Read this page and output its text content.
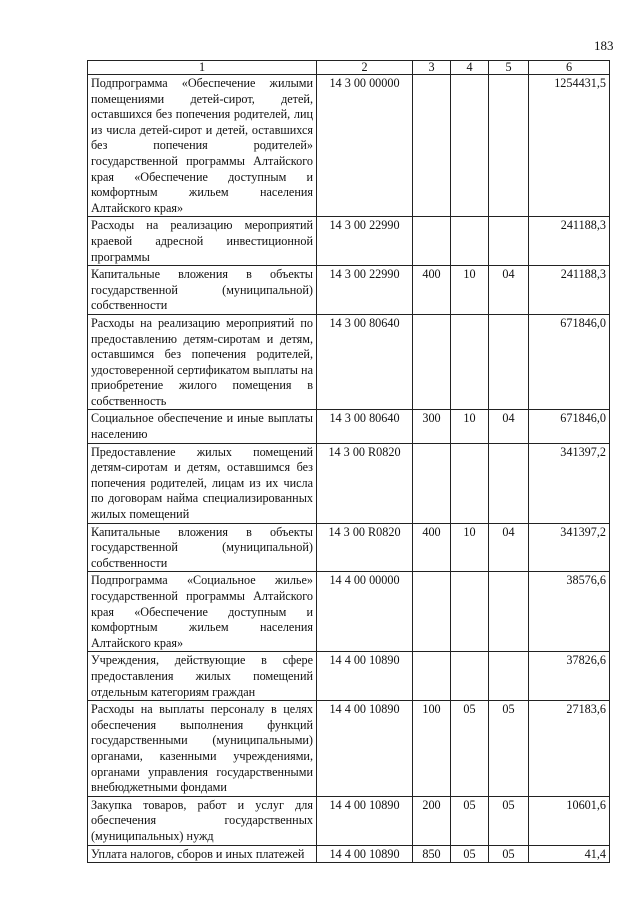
183
1	2	3	4	5	6
Подпрограмма «Обеспечение жилыми помещениями детей-сирот, детей, оставшихся без попечения родителей, лиц из числа детей-сирот и детей, оставшихся без попечения родителей» государственной программы Алтайского края «Обеспечение доступным и комфортным жильем населения Алтайского края»	14 3 00 00000				1254431,5
Расходы на реализацию мероприятий краевой адресной инвестиционной программы	14 3 00 22990				241188,3
Капитальные вложения в объекты государственной (муниципальной) собственности	14 3 00 22990	400	10	04	241188,3
Расходы на реализацию мероприятий по предоставлению детям-сиротам и детям, оставшимся без попечения родителей, удостоверенной сертификатом выплаты на приобретение жилого помещения в собственность	14 3 00 80640				671846,0
Социальное обеспечение и иные выплаты населению	14 3 00 80640	300	10	04	671846,0
Предоставление жилых помещений детям-сиротам и детям, оставшимся без попечения родителей, лицам из их числа по договорам найма специализированных жилых помещений	14 3 00 R0820				341397,2
Капитальные вложения в объекты государственной (муниципальной) собственности	14 3 00 R0820	400	10	04	341397,2
Подпрограмма «Социальное жилье» государственной программы Алтайского края «Обеспечение доступным и комфортным жильем населения Алтайского края»	14 4 00 00000				38576,6
Учреждения, действующие в сфере предоставления жилых помещений отдельным категориям граждан	14 4 00 10890				37826,6
Расходы на выплаты персоналу в целях обеспечения выполнения функций государственными (муниципальными) органами, казенными учреждениями, органами управления государственными внебюджетными фондами	14 4 00 10890	100	05	05	27183,6
Закупка товаров, работ и услуг для обеспечения государственных (муниципальных) нужд	14 4 00 10890	200	05	05	10601,6
Уплата налогов, сборов и иных платежей	14 4 00 10890	850	05	05	41,4
